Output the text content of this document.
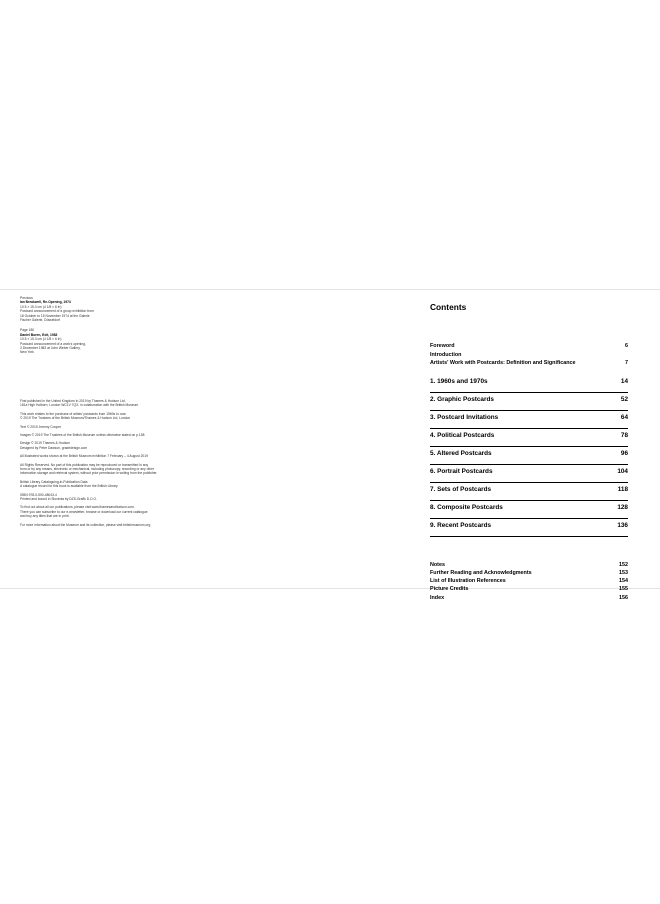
Previous
Ian Breakwell, Re-Opening, 1974
10.5 × 15.3 cm (4 1/8 × 6 in)
Postcard announcement of a group exhibition from
18 October to 15 November 1974 at the Galerie
Fischer Galerie, Düsseldorf
Page 180
Daniel Buren, Exit, 1983
10.5 × 15.3 cm (4 1/8 × 6 in)
Postcard announcement of a work's opening,
3 December 1983 at John Weber Gallery,
New York
First published in the United Kingdom in 2019 by Thames & Hudson Ltd,
181a High Holborn, London WC1V 7QX, in collaboration with the British Museum
This work relates to the purchase of artists' postcards from 1960s to now
© 2019 The Trustees of the British Museum/Thames & Hudson Ltd, London
Text © 2019 Jeremy Cooper
Images © 2019 The Trustees of the British Museum unless otherwise stated on p.158
Design © 2019 Thames & Hudson
Designed by Peter Dawson, gradedesign.com
All illustrated works shown at the British Museum exhibition 7 February – 4 August 2019
All Rights Reserved. No part of this publication may be reproduced or transmitted in any
form or by any means, electronic or mechanical, including photocopy, recording or any other
information storage and retrieval system, without prior permission in writing from the publisher.
British Library Cataloguing-in-Publication Data
A catalogue record for this book is available from the British Library
ISBN 978-0-500-48043-4
Printed and bound in Slovenia by DZS-Grafik D.O.O.
To find out about all our publications, please visit www.thamesandhudson.com.
There you can subscribe to our e-newsletter, browse or download our current catalogue
and buy any titles that are in print.
For more information about the Museum and its collection, please visit britishmuseum.org
Contents
Foreword	6
Introduction
Artists' Work with Postcards: Definition and Significance	7
1. 1960s and 1970s	14
2. Graphic Postcards	52
3. Postcard Invitations	64
4. Political Postcards	78
5. Altered Postcards	96
6. Portrait Postcards	104
7. Sets of Postcards	118
8. Composite Postcards	128
9. Recent Postcards	136
Notes	152
Further Reading and Acknowledgments	153
List of Illustration References	154
Picture Credits	155
Index	156
